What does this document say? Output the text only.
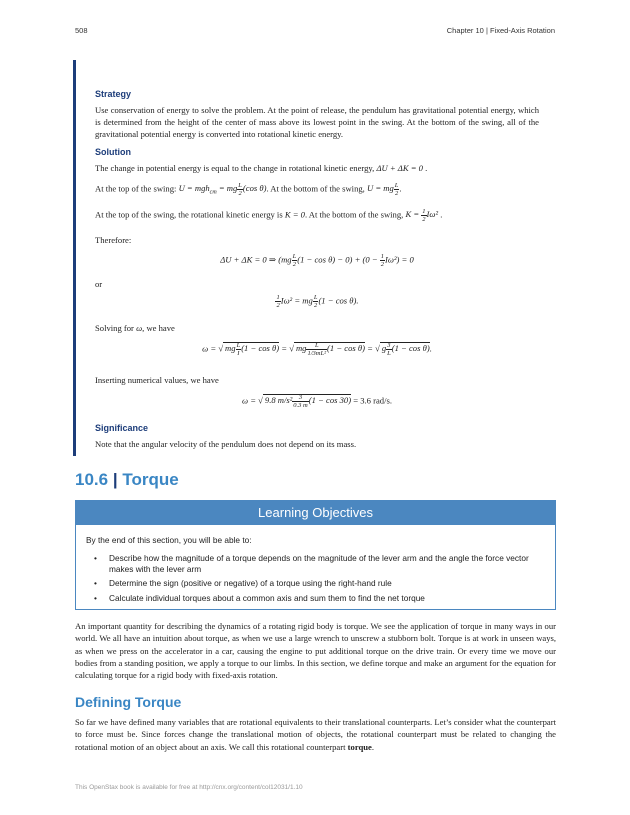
508	Chapter 10 | Fixed-Axis Rotation
Strategy
Use conservation of energy to solve the problem. At the point of release, the pendulum has gravitational potential energy, which is determined from the height of the center of mass above its lowest point in the swing. At the bottom of the swing, all of the gravitational potential energy is converted into rotational kinetic energy.
Solution
The change in potential energy is equal to the change in rotational kinetic energy, ΔU + ΔK = 0 .
At the top of the swing: U = mgh$_{cm}$ = mg $\frac{L}{2} (\cos$ θ). At the bottom of the swing, U = mg $\frac{L}{2}$ .
At the top of the swing, the rotational kinetic energy is K = 0. At the bottom of the swing, $K = \frac{1}{2} I\omega^2$ .
Therefore:
ΔU + ΔK = 0 ⇒ $(mg \frac{L}{2} (1 - \cos \theta) - 0) + (0 - \frac{1}{2} I\omega^2) = 0$
or
$\frac{1}{2} I\omega^2$ = mg $\frac{L}{2} (1 - \cos \theta)$.
Solving for ω, we have
ω = √ mg $\frac{L}{I} (1 - \cos \theta)$ = √ mg $\frac{L}{\text{1/3mL²}} (1 - \cos \theta)$ = √ g $\frac{3}{L} (1 - \cos \theta)$.
Inserting numerical values, we have
ω = √ 9.8 $m/s^2 \frac{3}{0.3 m} (1 - \cos 30) = 3.6$ rad/s.
Significance
Note that the angular velocity of the pendulum does not depend on its mass.
10.6 | Torque
Learning Objectives
By the end of this section, you will be able to:
• Describe how the magnitude of a torque depends on the magnitude of the lever arm and the angle the force vector makes with the lever arm
• Determine the sign (positive or negative) of a torque using the right-hand rule
• Calculate individual torques about a common axis and sum them to find the net torque
An important quantity for describing the dynamics of a rotating rigid body is torque. We see the application of torque in many ways in our world. We all have an intuition about torque, as when we use a large wrench to unscrew a stubborn bolt. Torque is at work in unseen ways, as when we press on the accelerator in a car, causing the engine to put additional torque on the drive train. Or every time we move our bodies from a standing position, we apply a torque to our limbs. In this section, we define torque and make an argument for the equation for calculating torque for a rigid body with fixed-axis rotation.
Defining Torque
So far we have defined many variables that are rotational equivalents to their translational counterparts. Let’s consider what the counterpart to force must be. Since forces change the translational motion of objects, the rotational counterpart must be related to changing the rotational motion of an object about an axis. We call this rotational counterpart torque.
This OpenStax book is available for free at http://cnx.org/content/col12031/1.10
